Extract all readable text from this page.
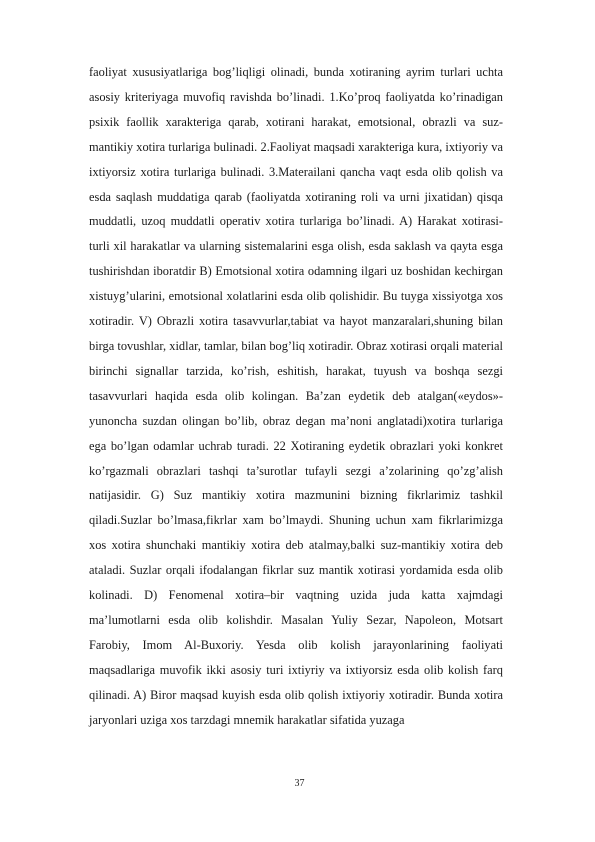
faoliyat xususiyatlariga bog’liqligi olinadi, bunda xotiraning ayrim turlari uchta asosiy kriteriyaga muvofiq ravishda bo’linadi. 1.Ko’proq faoliyatda ko’rinadigan psixik faollik xarakteriga qarab, xotirani harakat, emotsional, obrazli va suz-mantikiy xotira turlariga bulinadi. 2.Faoliyat maqsadi xarakteriga kura, ixtiyoriy va ixtiyorsiz xotira turlariga bulinadi. 3.Materailani qancha vaqt esda olib qolish va esda saqlash muddatiga qarab (faoliyatda xotiraning roli va urni jixatidan) qisqa muddatli, uzoq muddatli operativ xotira turlariga bo’linadi. A) Harakat xotirasi-turli xil harakatlar va ularning sistemalarini esga olish, esda saklash va qayta esga tushirishdan iboratdir B) Emotsional xotira odamning ilgari uz boshidan kechirgan xistuyg’ularini, emotsional xolatlarini esda olib qolishidir. Bu tuyga xissiyotga xos xotiradir. V) Obrazli xotira tasavvurlar,tabiat va hayot manzaralari,shuning bilan birga tovushlar, xidlar, tamlar, bilan bog’liq xotiradir. Obraz xotirasi orqali material birinchi signallar tarzida, ko’rish, eshitish, harakat, tuyush va boshqa sezgi tasavvurlari haqida esda olib kolingan. Ba’zan eydetik deb atalgan(«eydos»- yunoncha suzdan olingan bo’lib, obraz degan ma’noni anglatadi)xotira turlariga ega bo’lgan odamlar uchrab turadi. 22 Xotiraning eydetik obrazlari yoki konkret ko’rgazmali obrazlari tashqi ta’surotlar tufayli sezgi a’zolarining qo’zg’alish natijasidir. G) Suz mantikiy xotira mazmunini bizning fikrlarimiz tashkil qiladi.Suzlar bo’lmasa,fikrlar xam bo’lmaydi. Shuning uchun xam fikrlarimizga xos xotira shunchaki mantikiy xotira deb atalmay,balki suz-mantikiy xotira deb ataladi. Suzlar orqali ifodalangan fikrlar suz mantik xotirasi yordamida esda olib kolinadi. D) Fenomenal xotira–bir vaqtning uzida juda katta xajmdagi ma’lumotlarni esda olib kolishdir. Masalan Yuliy Sezar, Napoleon, Motsart Farobiy, Imom Al-Buxoriy. Yesda olib kolish jarayonlarining faoliyati maqsadlariga muvofik ikki asosiy turi ixtiyriy va ixtiyorsiz esda olib kolish farq qilinadi. A) Biror maqsad kuyish esda olib qolish ixtiyoriy xotiradir. Bunda xotira jaryonlari uziga xos tarzdagi mnemik harakatlar sifatida yuzaga

37
